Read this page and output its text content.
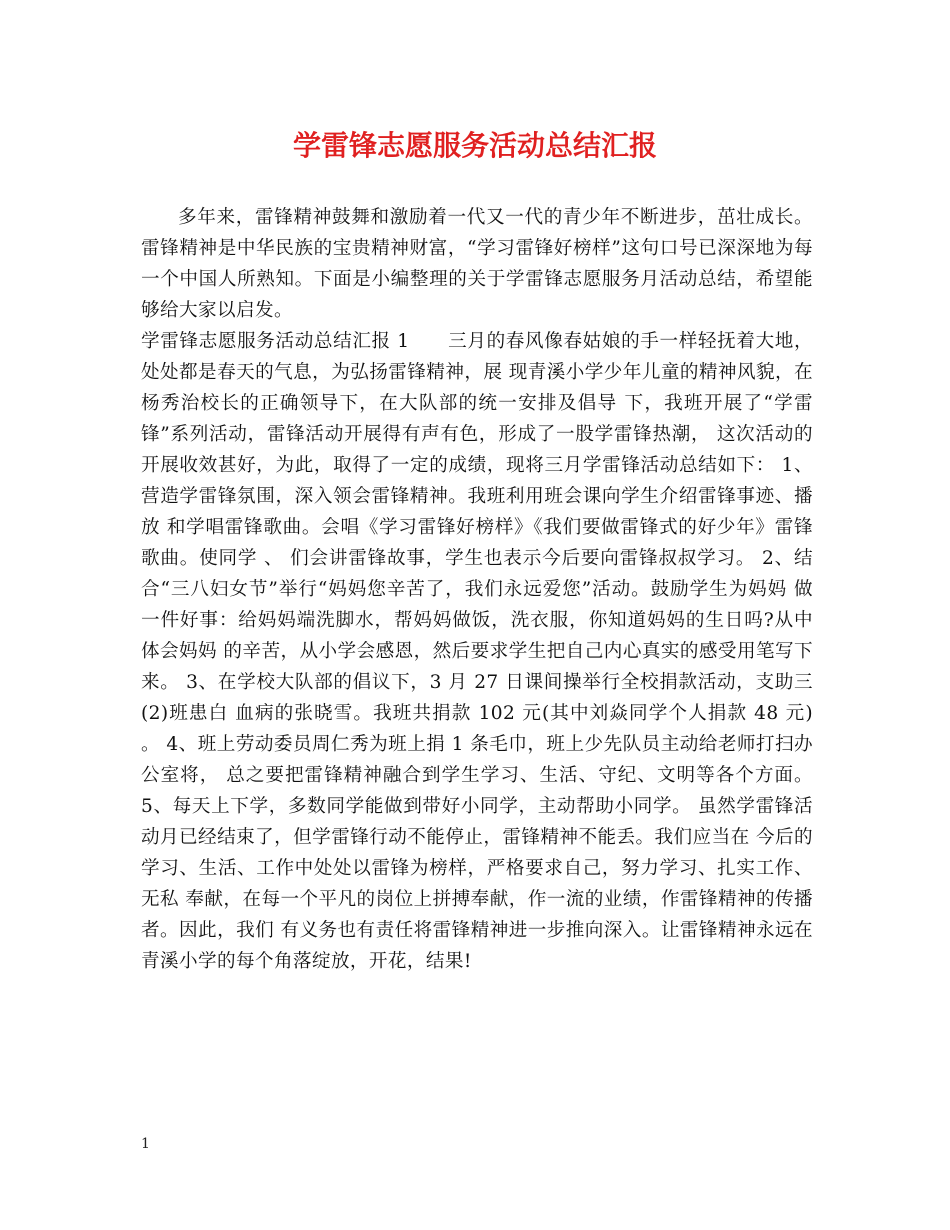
学雷锋志愿服务活动总结汇报

多年来，雷锋精神鼓舞和激励着一代又一代的青少年不断进步，茁壮成长。雷锋精神是中华民族的宝贵精神财富，“学习雷锋好榜样”这句口号已深深地为每一个中国人所熟知。下面是小编整理的关于学雷锋志愿服务月活动总结，希望能够给大家以启发。

学雷锋志愿服务活动总结汇报 1　　三月的春风像春姑娘的手一样轻抚着大地，处处都是春天的气息，为弘扬雷锋精神，展 现青溪小学少年儿童的精神风貌，在杨秀治校长的正确领导下，在大队部的统一安排及倡导 下，我班开展了“学雷锋”系列活动，雷锋活动开展得有声有色，形成了一股学雷锋热潮， 这次活动的开展收效甚好，为此，取得了一定的成绩，现将三月学雷锋活动总结如下： 1、营造学雷锋氛围，深入领会雷锋精神。我班利用班会课向学生介绍雷锋事迹、播放 和学唱雷锋歌曲。会唱《学习雷锋好榜样》《我们要做雷锋式的好少年》雷锋歌曲。使同学 、 们会讲雷锋故事，学生也表示今后要向雷锋叔叔学习。 2、结合“三八妇女节”举行“妈妈您辛苦了，我们永远爱您”活动。鼓励学生为妈妈 做一件好事：给妈妈端洗脚水，帮妈妈做饭，洗衣服，你知道妈妈的生日吗?从中体会妈妈 的辛苦，从小学会感恩，然后要求学生把自己内心真实的感受用笔写下来。 3、在学校大队部的倡议下，3 月 27 日课间操举行全校捐款活动，支助三(2)班患白 血病的张晓雪。我班共捐款 102 元(其中刘焱同学个人捐款 48 元) 。 4、班上劳动委员周仁秀为班上捐 1 条毛巾，班上少先队员主动给老师打扫办公室将， 总之要把雷锋精神融合到学生学习、生活、守纪、文明等各个方面。 5、每天上下学，多数同学能做到带好小同学，主动帮助小同学。 虽然学雷锋活动月已经结束了，但学雷锋行动不能停止，雷锋精神不能丢。我们应当在 今后的学习、生活、工作中处处以雷锋为榜样，严格要求自己，努力学习、扎实工作、无私 奉献，在每一个平凡的岗位上拼搏奉献，作一流的业绩，作雷锋精神的传播者。因此，我们 有义务也有责任将雷锋精神进一步推向深入。让雷锋精神永远在青溪小学的每个角落绽放，开花，结果!

1
